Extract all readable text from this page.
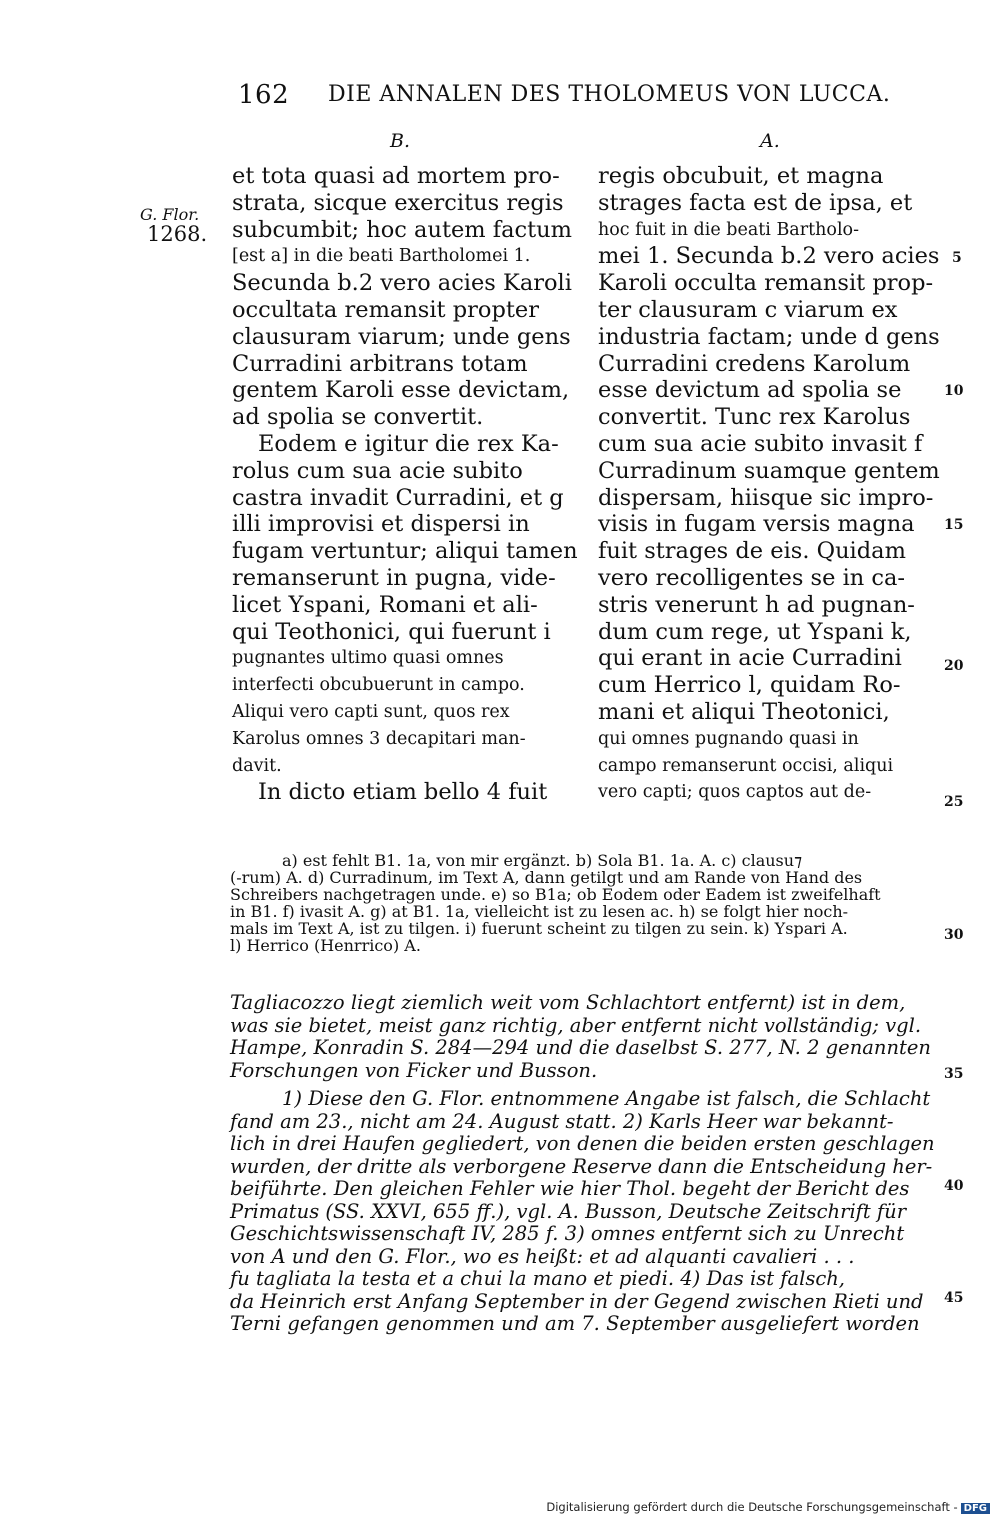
162 DIE ANNALEN DES THOLOMEUS VON LUCCA.
B.	A.
G. Flor.
1268.
et tota quasi ad mortem pro-
strata, sicque exercitus regis
subcumbit; hoc autem factum
[est a] in die beati Bartholomei 1.
Secunda b.2 vero acies Karoli
occultata remansit propter
clausuram viarum; unde gens
Curradini arbitrans totam
gentem Karoli esse devictam,
ad spolia se convertit.
Eodem e igitur die rex Ka-
rolus cum sua acie subito
castra invadit Curradini, et g
illi improvisi et dispersi in
fugam vertuntur; aliqui tamen
remanserunt in pugna, vide-
licet Yspani, Romani et ali-
qui Teothonici, qui fuerunt i
pugnantes ultimo quasi omnes
interfecti obcubuerunt in campo.
Aliqui vero capti sunt, quos rex
Karolus omnes 3 decapitari man-
davit.
In dicto etiam bello 4 fuit
regis obcubuit, et magna
strages facta est de ipsa, et
hoc fuit in die beati Bartholo-
mei 1. Secunda b.2 vero acies
Karoli occulta remansit prop-
ter clausuram c viarum ex
industria factam; unde d gens
Curradini credens Karolum
esse devictum ad spolia se
convertit. Tunc rex Karolus
cum sua acie subito invasit f
Curradinum suamque gentem
dispersam, hiisque sic impro-
visis in fugam versis magna
fuit strages de eis. Quidam
vero recolligentes se in ca-
stris venerunt h ad pugnan-
dum cum rege, ut Yspani k,
qui erant in acie Curradini
cum Herrico l, quidam Ro-
mani et aliqui Theotonici,
qui omnes pugnando quasi in
campo remanserunt occisi, aliqui
vero capti; quos captos aut de-
5
10
15
20
25
30
35
40
45
a) est fehlt B1. 1a, von mir ergänzt. b) Sola B1. 1a. A. c) clausu⁊
(-rum) A. d) Curradinum, im Text A, dann getilgt und am Rande von Hand des
Schreibers nachgetragen unde. e) so B1a; ob Eodem oder Eadem ist zweifelhaft
in B1. f) ivasit A. g) at B1. 1a, vielleicht ist zu lesen ac. h) se folgt hier noch-
mals im Text A, ist zu tilgen. i) fuerunt scheint zu tilgen zu sein. k) Yspari A.
l) Herrico (Henrrico) A.
Tagliacozzo liegt ziemlich weit vom Schlachtort entfernt) ist in dem,
was sie bietet, meist ganz richtig, aber entfernt nicht vollständig; vgl.
Hampe, Konradin S. 284—294 und die daselbst S. 277, N. 2 genannten
Forschungen von Ficker und Busson.
1) Diese den G. Flor. entnommene Angabe ist falsch, die Schlacht
fand am 23., nicht am 24. August statt. 2) Karls Heer war bekannt-
lich in drei Haufen gegliedert, von denen die beiden ersten geschlagen
wurden, der dritte als verborgene Reserve dann die Entscheidung her-
beiführte. Den gleichen Fehler wie hier Thol. begeht der Bericht des
Primatus (SS. XXVI, 655 ff.), vgl. A. Busson, Deutsche Zeitschrift für
Geschichtswissenschaft IV, 285 f. 3) omnes entfernt sich zu Unrecht
von A und den G. Flor., wo es heißt: et ad alquanti cavalieri . . .
fu tagliata la testa et a chui la mano et piedi. 4) Das ist falsch,
da Heinrich erst Anfang September in der Gegend zwischen Rieti und
Terni gefangen genommen und am 7. September ausgeliefert worden
Digitalisierung gefördert durch die Deutsche Forschungsgemeinschaft - DFG
